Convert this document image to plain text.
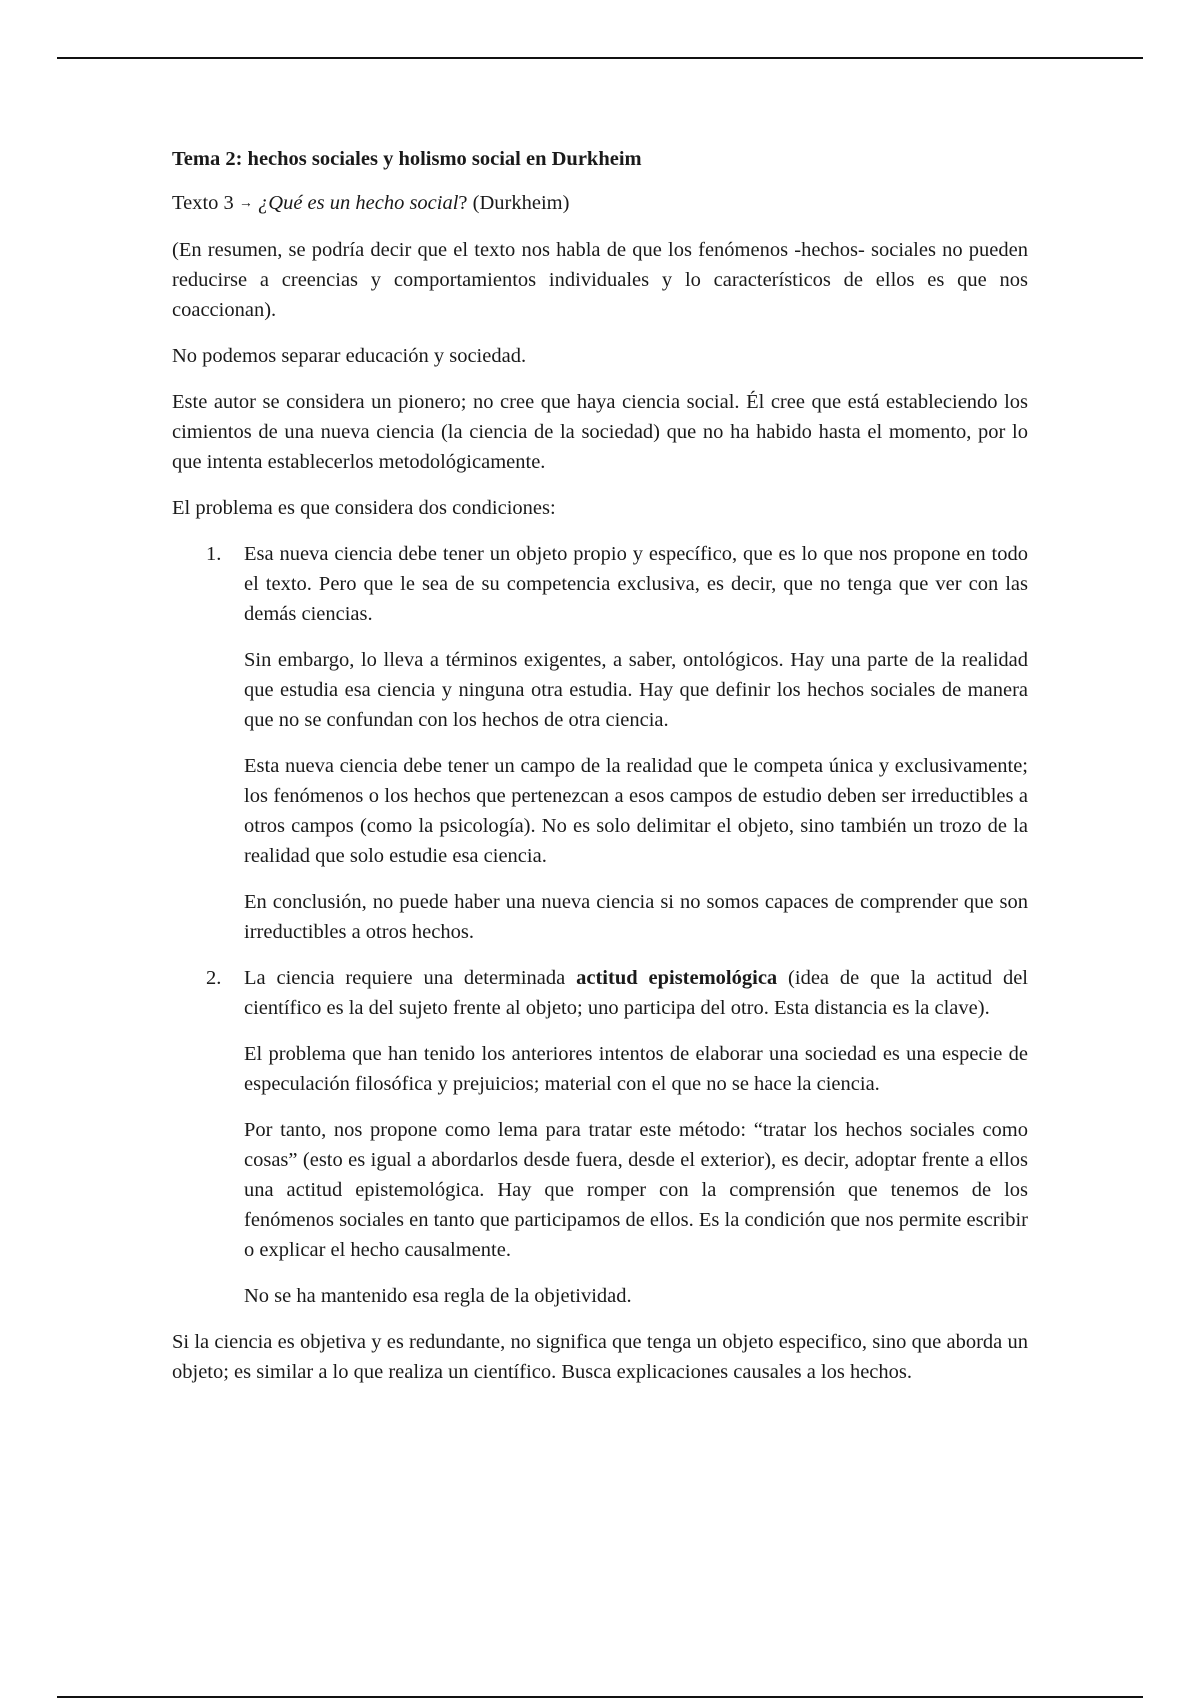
Tema 2: hechos sociales y holismo social en Durkheim

Texto 3 → ¿Qué es un hecho social? (Durkheim)

(En resumen, se podría decir que el texto nos habla de que los fenómenos -hechos- sociales no pueden reducirse a creencias y comportamientos individuales y lo característicos de ellos es que nos coaccionan).

No podemos separar educación y sociedad.

Este autor se considera un pionero; no cree que haya ciencia social. Él cree que está estableciendo los cimientos de una nueva ciencia (la ciencia de la sociedad) que no ha habido hasta el momento, por lo que intenta establecerlos metodológicamente.

El problema es que considera dos condiciones:

1. Esa nueva ciencia debe tener un objeto propio y específico, que es lo que nos propone en todo el texto. Pero que le sea de su competencia exclusiva, es decir, que no tenga que ver con las demás ciencias.

Sin embargo, lo lleva a términos exigentes, a saber, ontológicos. Hay una parte de la realidad que estudia esa ciencia y ninguna otra estudia. Hay que definir los hechos sociales de manera que no se confundan con los hechos de otra ciencia.

Esta nueva ciencia debe tener un campo de la realidad que le competa única y exclusivamente; los fenómenos o los hechos que pertenezcan a esos campos de estudio deben ser irreductibles a otros campos (como la psicología). No es solo delimitar el objeto, sino también un trozo de la realidad que solo estudie esa ciencia.

En conclusión, no puede haber una nueva ciencia si no somos capaces de comprender que son irreductibles a otros hechos.

2. La ciencia requiere una determinada actitud epistemológica (idea de que la actitud del científico es la del sujeto frente al objeto; uno participa del otro. Esta distancia es la clave).

El problema que han tenido los anteriores intentos de elaborar una sociedad es una especie de especulación filosófica y prejuicios; material con el que no se hace la ciencia.

Por tanto, nos propone como lema para tratar este método: “tratar los hechos sociales como cosas” (esto es igual a abordarlos desde fuera, desde el exterior), es decir, adoptar frente a ellos una actitud epistemológica. Hay que romper con la comprensión que tenemos de los fenómenos sociales en tanto que participamos de ellos. Es la condición que nos permite escribir o explicar el hecho causalmente.

No se ha mantenido esa regla de la objetividad.

Si la ciencia es objetiva y es redundante, no significa que tenga un objeto especifico, sino que aborda un objeto; es similar a lo que realiza un científico. Busca explicaciones causales a los hechos.
